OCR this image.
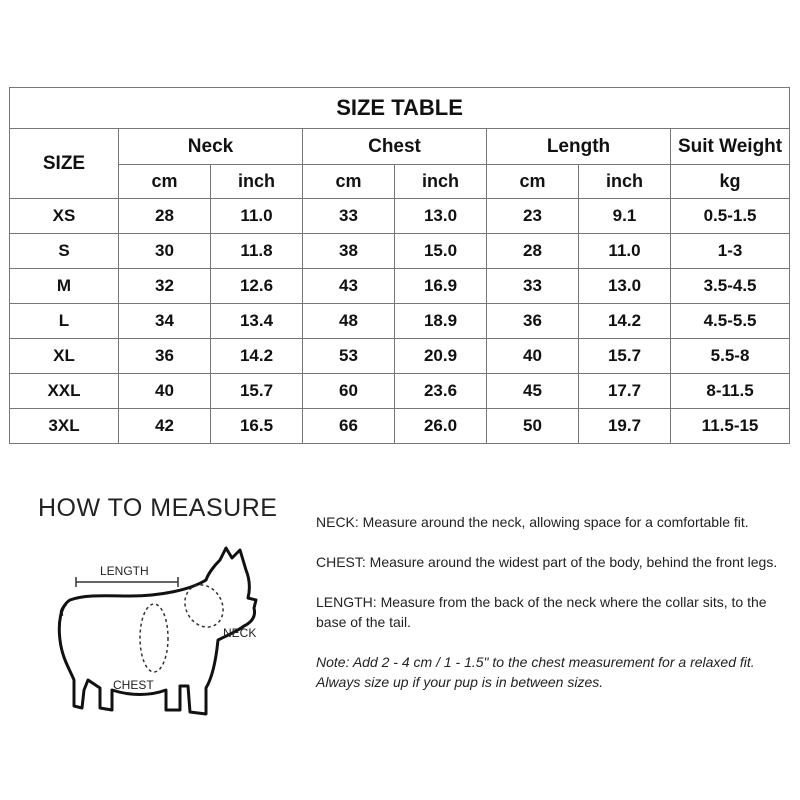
SIZE TABLE							
SIZE	Neck		Chest		Length		Suit Weight
	cm	inch	cm	inch	cm	inch	kg
XS	28	11.0	33	13.0	23	9.1	0.5-1.5
S	30	11.8	38	15.0	28	11.0	1-3
M	32	12.6	43	16.9	33	13.0	3.5-4.5
L	34	13.4	48	18.9	36	14.2	4.5-5.5
XL	36	14.2	53	20.9	40	15.7	5.5-8
XXL	40	15.7	60	23.6	45	17.7	8-11.5
3XL	42	16.5	66	26.0	50	19.7	11.5-15
HOW TO MEASURE
LENGTH
NECK
CHEST

NECK: Measure around the neck, allowing space for a comfortable fit.

CHEST: Measure around the widest part of the body, behind the front legs.

LENGTH: Measure from the back of the neck where the collar sits, to the base of the tail.

Note: Add 2 - 4 cm / 1 - 1.5" to the chest measurement for a relaxed fit. Always size up if your pup is in between sizes.
